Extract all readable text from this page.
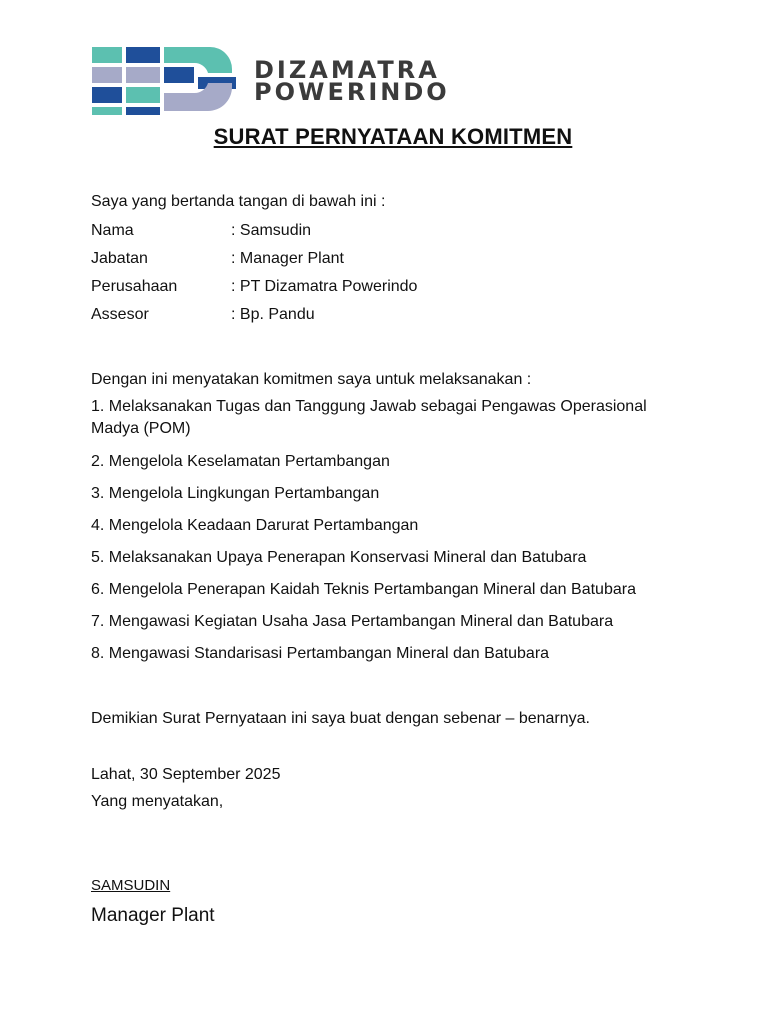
DIZAMATRA
POWERINDO
SURAT PERNYATAAN KOMITMEN
Saya yang bertanda tangan di bawah ini :
Nama	: Samsudin
Jabatan	: Manager Plant
Perusahaan	: PT Dizamatra Powerindo
Assesor	: Bp. Pandu
Dengan ini menyatakan komitmen saya untuk melaksanakan :
1. Melaksanakan Tugas dan Tanggung Jawab sebagai Pengawas Operasional Madya (POM)
2. Mengelola Keselamatan Pertambangan
3. Mengelola Lingkungan Pertambangan
4. Mengelola Keadaan Darurat Pertambangan
5. Melaksanakan Upaya Penerapan Konservasi Mineral dan Batubara
6. Mengelola Penerapan Kaidah Teknis Pertambangan Mineral dan Batubara
7. Mengawasi Kegiatan Usaha Jasa Pertambangan Mineral dan Batubara
8. Mengawasi Standarisasi Pertambangan Mineral dan Batubara
Demikian Surat Pernyataan ini saya buat dengan sebenar – benarnya.
Lahat, 30 September 2025
Yang menyatakan,
SAMSUDIN
Manager Plant
